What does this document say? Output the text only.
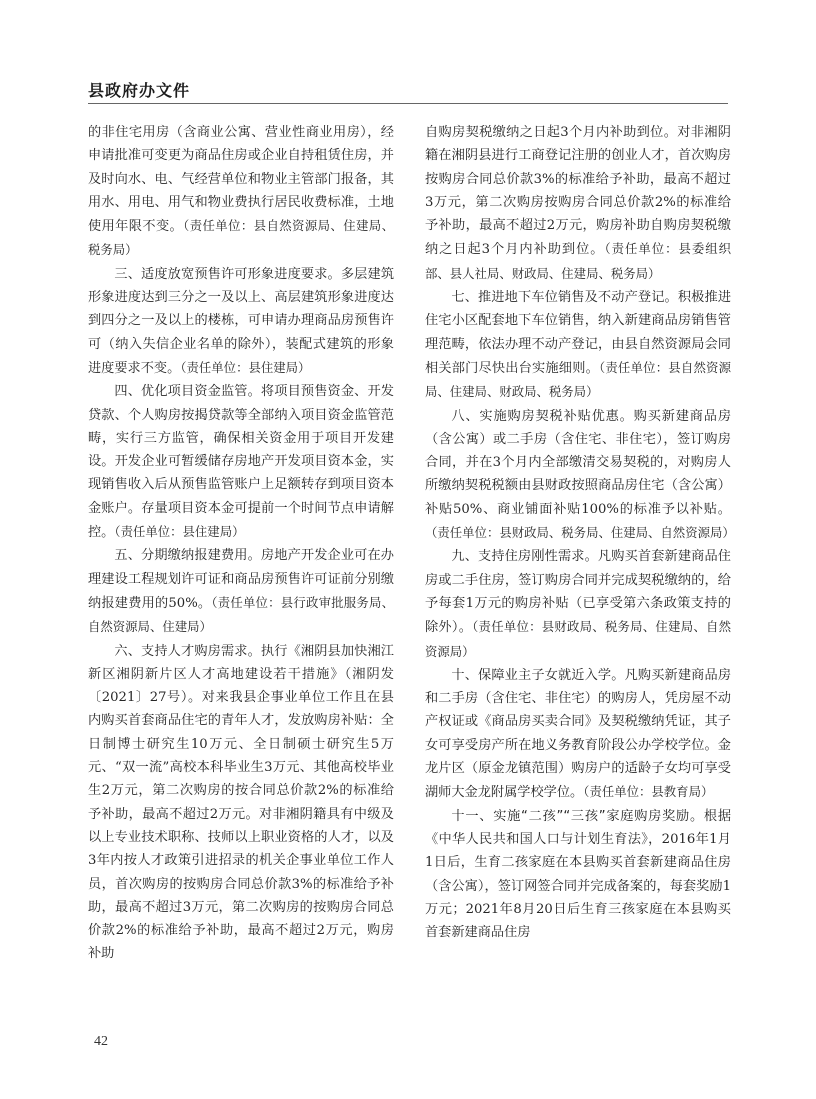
县政府办文件

的非住宅用房（含商业公寓、营业性商业用房），经申请批准可变更为商品住房或企业自持租赁住房，并及时向水、电、气经营单位和物业主管部门报备，其用水、用电、用气和物业费执行居民收费标准，土地使用年限不变。（责任单位：县自然资源局、住建局、税务局）

三、适度放宽预售许可形象进度要求。多层建筑形象进度达到三分之一及以上、高层建筑形象进度达到四分之一及以上的楼栋，可申请办理商品房预售许可（纳入失信企业名单的除外），装配式建筑的形象进度要求不变。（责任单位：县住建局）

四、优化项目资金监管。将项目预售资金、开发贷款、个人购房按揭贷款等全部纳入项目资金监管范畴，实行三方监管，确保相关资金用于项目开发建设。开发企业可暂缓储存房地产开发项目资本金，实现销售收入后从预售监管账户上足额转存到项目资本金账户。存量项目资本金可提前一个时间节点申请解控。（责任单位：县住建局）

五、分期缴纳报建费用。房地产开发企业可在办理建设工程规划许可证和商品房预售许可证前分别缴纳报建费用的50%。（责任单位：县行政审批服务局、自然资源局、住建局）

六、支持人才购房需求。执行《湘阴县加快湘江新区湘阴新片区人才高地建设若干措施》（湘阴发〔2021〕27号）。对来我县企事业单位工作且在县内购买首套商品住宅的青年人才，发放购房补贴：全日制博士研究生10万元、全日制硕士研究生5万元、“双一流”高校本科毕业生3万元、其他高校毕业生2万元，第二次购房的按合同总价款2%的标准给予补助，最高不超过2万元。对非湘阴籍具有中级及以上专业技术职称、技师以上职业资格的人才，以及3年内按人才政策引进招录的机关企事业单位工作人员，首次购房的按购房合同总价款3%的标准给予补助，最高不超过3万元，第二次购房的按购房合同总价款2%的标准给予补助，最高不超过2万元，购房补助

自购房契税缴纳之日起3个月内补助到位。对非湘阴籍在湘阴县进行工商登记注册的创业人才，首次购房按购房合同总价款3%的标准给予补助，最高不超过3万元，第二次购房按购房合同总价款2%的标准给予补助，最高不超过2万元，购房补助自购房契税缴纳之日起3个月内补助到位。（责任单位：县委组织部、县人社局、财政局、住建局、税务局）

七、推进地下车位销售及不动产登记。积极推进住宅小区配套地下车位销售，纳入新建商品房销售管理范畴，依法办理不动产登记，由县自然资源局会同相关部门尽快出台实施细则。（责任单位：县自然资源局、住建局、财政局、税务局）

八、实施购房契税补贴优惠。购买新建商品房（含公寓）或二手房（含住宅、非住宅），签订购房合同，并在3个月内全部缴清交易契税的，对购房人所缴纳契税税额由县财政按照商品房住宅（含公寓）补贴50%、商业铺面补贴100%的标准予以补贴。（责任单位：县财政局、税务局、住建局、自然资源局）

九、支持住房刚性需求。凡购买首套新建商品住房或二手住房，签订购房合同并完成契税缴纳的，给予每套1万元的购房补贴（已享受第六条政策支持的除外）。（责任单位：县财政局、税务局、住建局、自然资源局）

十、保障业主子女就近入学。凡购买新建商品房和二手房（含住宅、非住宅）的购房人，凭房屋不动产权证或《商品房买卖合同》及契税缴纳凭证，其子女可享受房产所在地义务教育阶段公办学校学位。金龙片区（原金龙镇范围）购房户的适龄子女均可享受湖师大金龙附属学校学位。（责任单位：县教育局）

十一、实施“二孩”“三孩”家庭购房奖励。根据《中华人民共和国人口与计划生育法》，2016年1月1日后，生育二孩家庭在本县购买首套新建商品住房（含公寓），签订网签合同并完成备案的，每套奖励1万元；2021年8月20日后生育三孩家庭在本县购买首套新建商品住房

42
